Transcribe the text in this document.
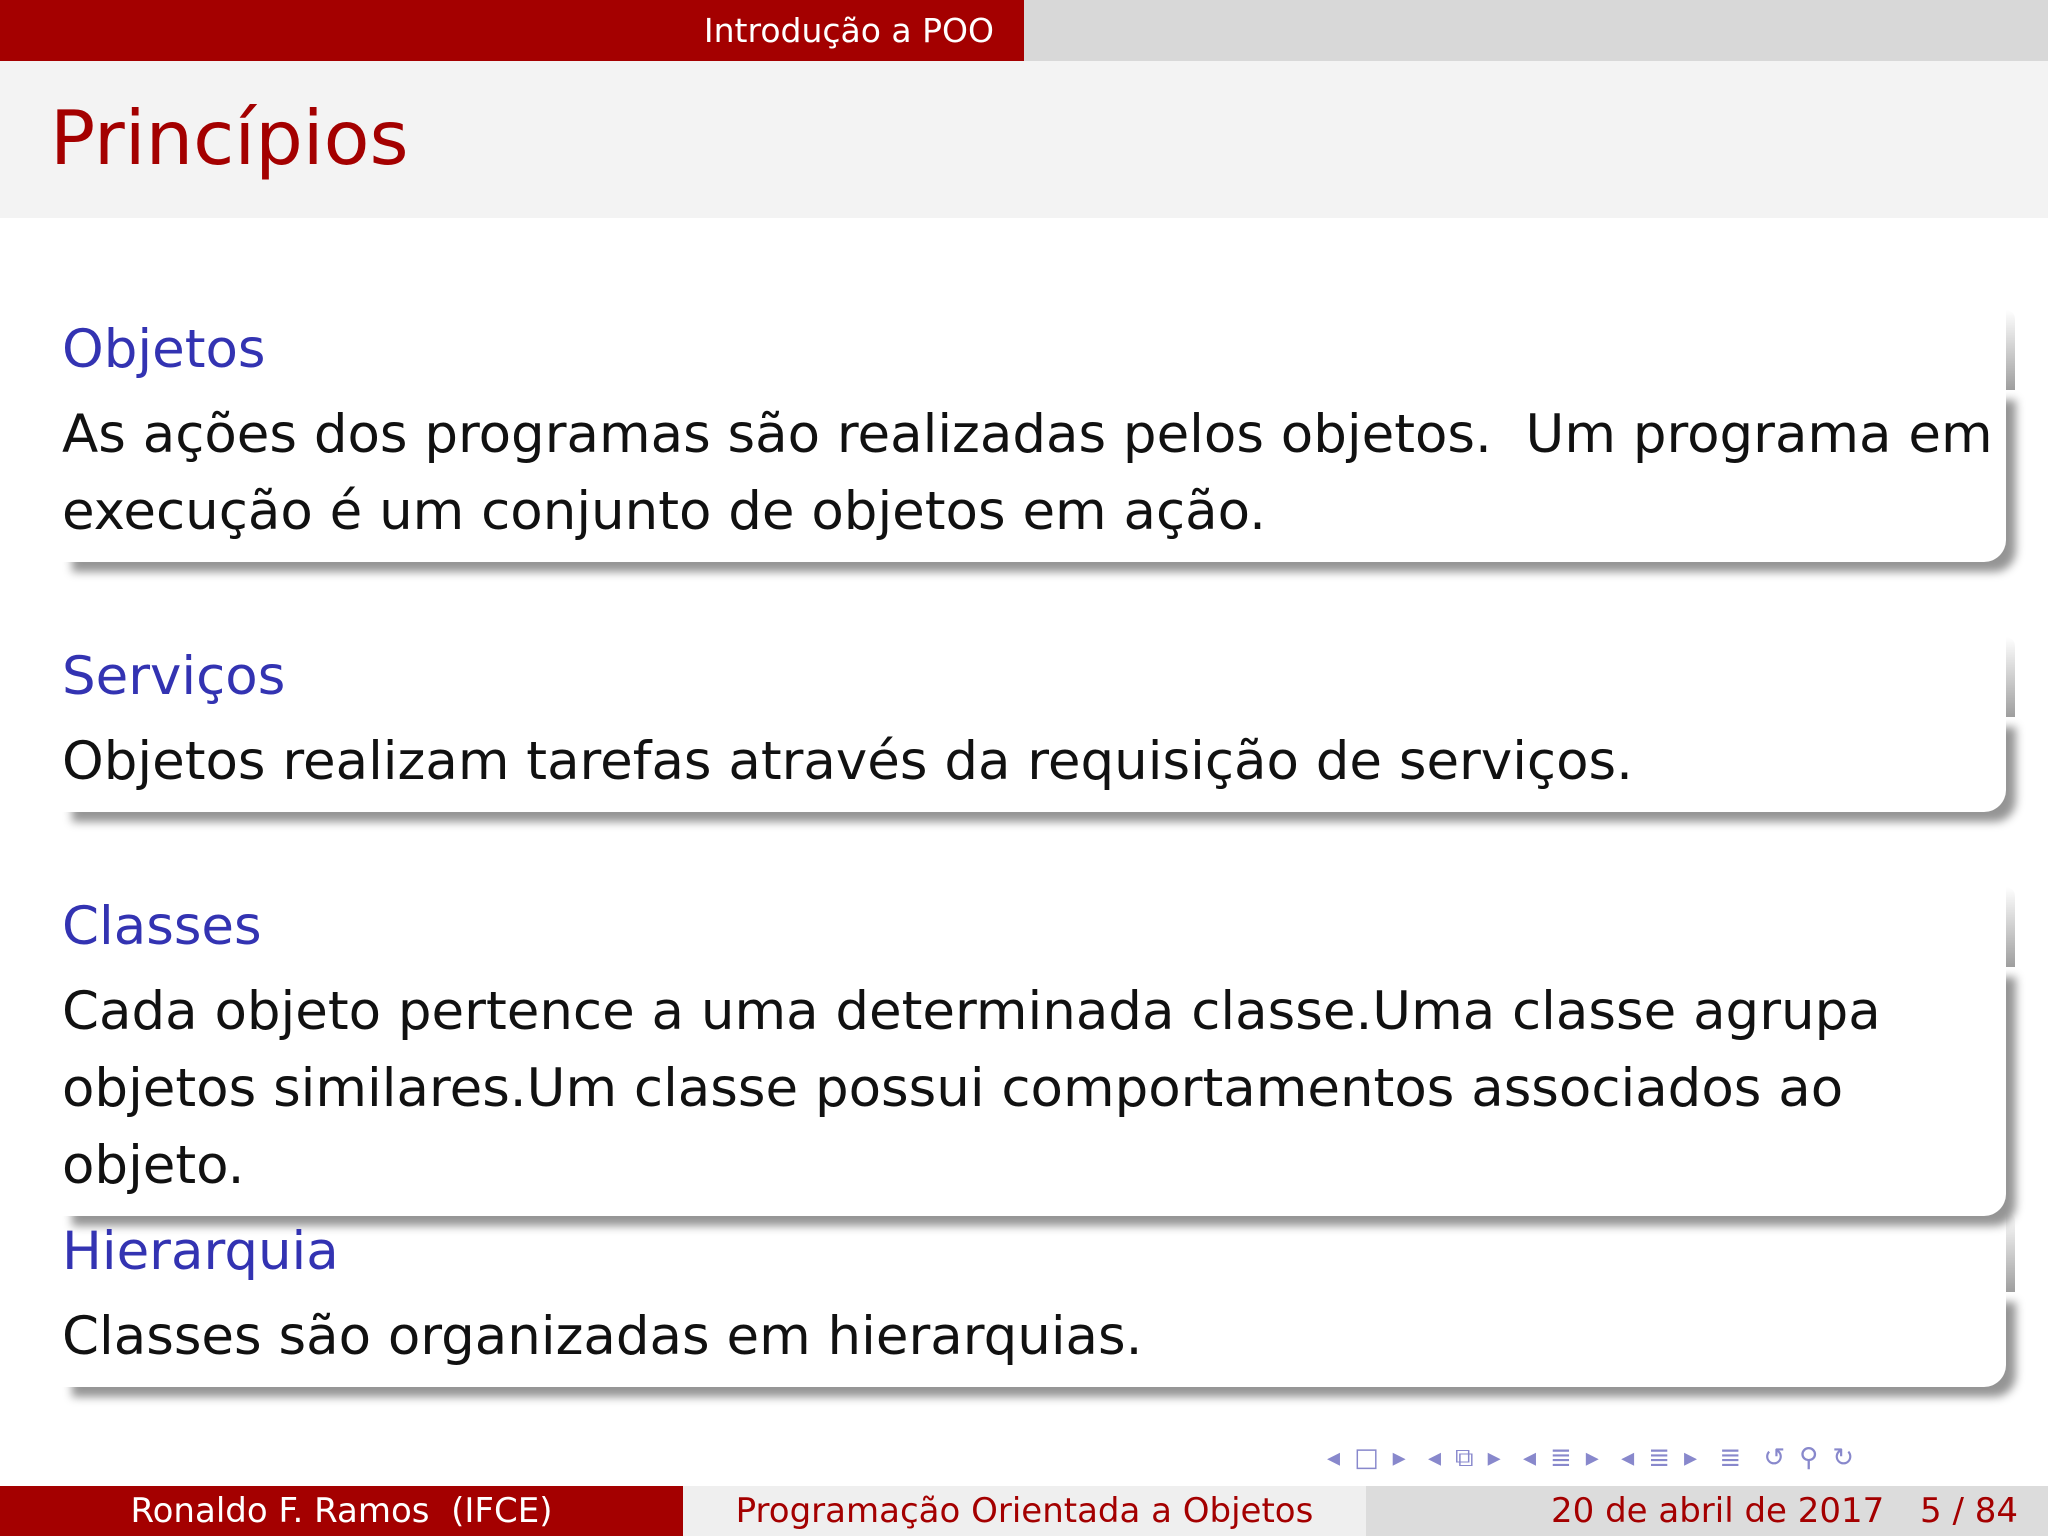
Introdução a POO
Princípios
Objetos
As ações dos programas são realizadas pelos objetos.  Um programa em
execução é um conjunto de objetos em ação.
Serviços
Objetos realizam tarefas através da requisição de serviços.
Classes
Cada objeto pertence a uma determinada classe.Uma classe agrupa
objetos similares.Um classe possui comportamentos associados ao objeto.
Hierarquia
Classes são organizadas em hierarquias.
◂ □ ▸ ◂ ⧉ ▸ ◂ ≣ ▸ ◂ ≣ ▸ ≣ ↺ ⚲ ↻
Ronaldo F. Ramos  (IFCE)	Programação Orientada a Objetos	20 de abril de 2017 5 / 84
